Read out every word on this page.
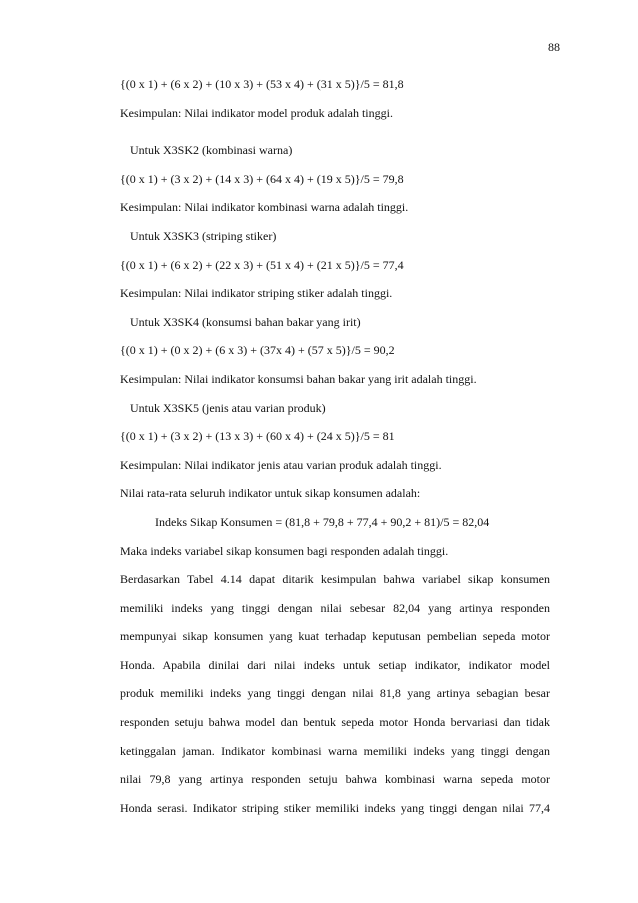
88
{(0 x 1) + (6 x 2) + (10 x 3) + (53 x 4) + (31 x 5)}/5 = 81,8
Kesimpulan: Nilai indikator model produk adalah tinggi.
Untuk X3SK2 (kombinasi warna)
{(0 x 1) + (3 x 2) + (14 x 3) + (64 x 4) + (19 x 5)}/5 = 79,8
Kesimpulan: Nilai indikator kombinasi warna adalah tinggi.
Untuk X3SK3 (striping stiker)
{(0 x 1) + (6 x 2) + (22 x 3) + (51 x 4) + (21 x 5)}/5 = 77,4
Kesimpulan: Nilai indikator striping stiker adalah tinggi.
Untuk X3SK4 (konsumsi bahan bakar yang irit)
{(0 x 1) + (0 x 2) + (6 x 3) + (37x 4) + (57 x 5)}/5 = 90,2
Kesimpulan: Nilai indikator konsumsi bahan bakar yang irit adalah tinggi.
Untuk X3SK5 (jenis atau varian produk)
{(0 x 1) + (3 x 2) + (13 x 3) + (60 x 4) + (24 x 5)}/5 = 81
Kesimpulan: Nilai indikator jenis atau varian produk adalah tinggi.
Nilai rata-rata seluruh indikator untuk sikap konsumen adalah:
Indeks Sikap Konsumen = (81,8 + 79,8 + 77,4 + 90,2 + 81)/5 = 82,04
Maka indeks variabel sikap konsumen bagi responden adalah tinggi.
Berdasarkan Tabel 4.14 dapat ditarik kesimpulan bahwa variabel sikap konsumen
memiliki indeks yang tinggi dengan nilai sebesar 82,04 yang artinya responden
mempunyai sikap konsumen yang kuat terhadap keputusan pembelian sepeda motor
Honda. Apabila dinilai dari nilai indeks untuk setiap indikator, indikator model
produk memiliki indeks yang tinggi dengan nilai 81,8 yang artinya sebagian besar
responden setuju bahwa model dan bentuk sepeda motor Honda bervariasi dan tidak
ketinggalan jaman. Indikator kombinasi warna memiliki indeks yang tinggi dengan
nilai 79,8 yang artinya responden setuju bahwa kombinasi warna sepeda motor
Honda serasi. Indikator striping stiker memiliki indeks yang tinggi dengan nilai 77,4
